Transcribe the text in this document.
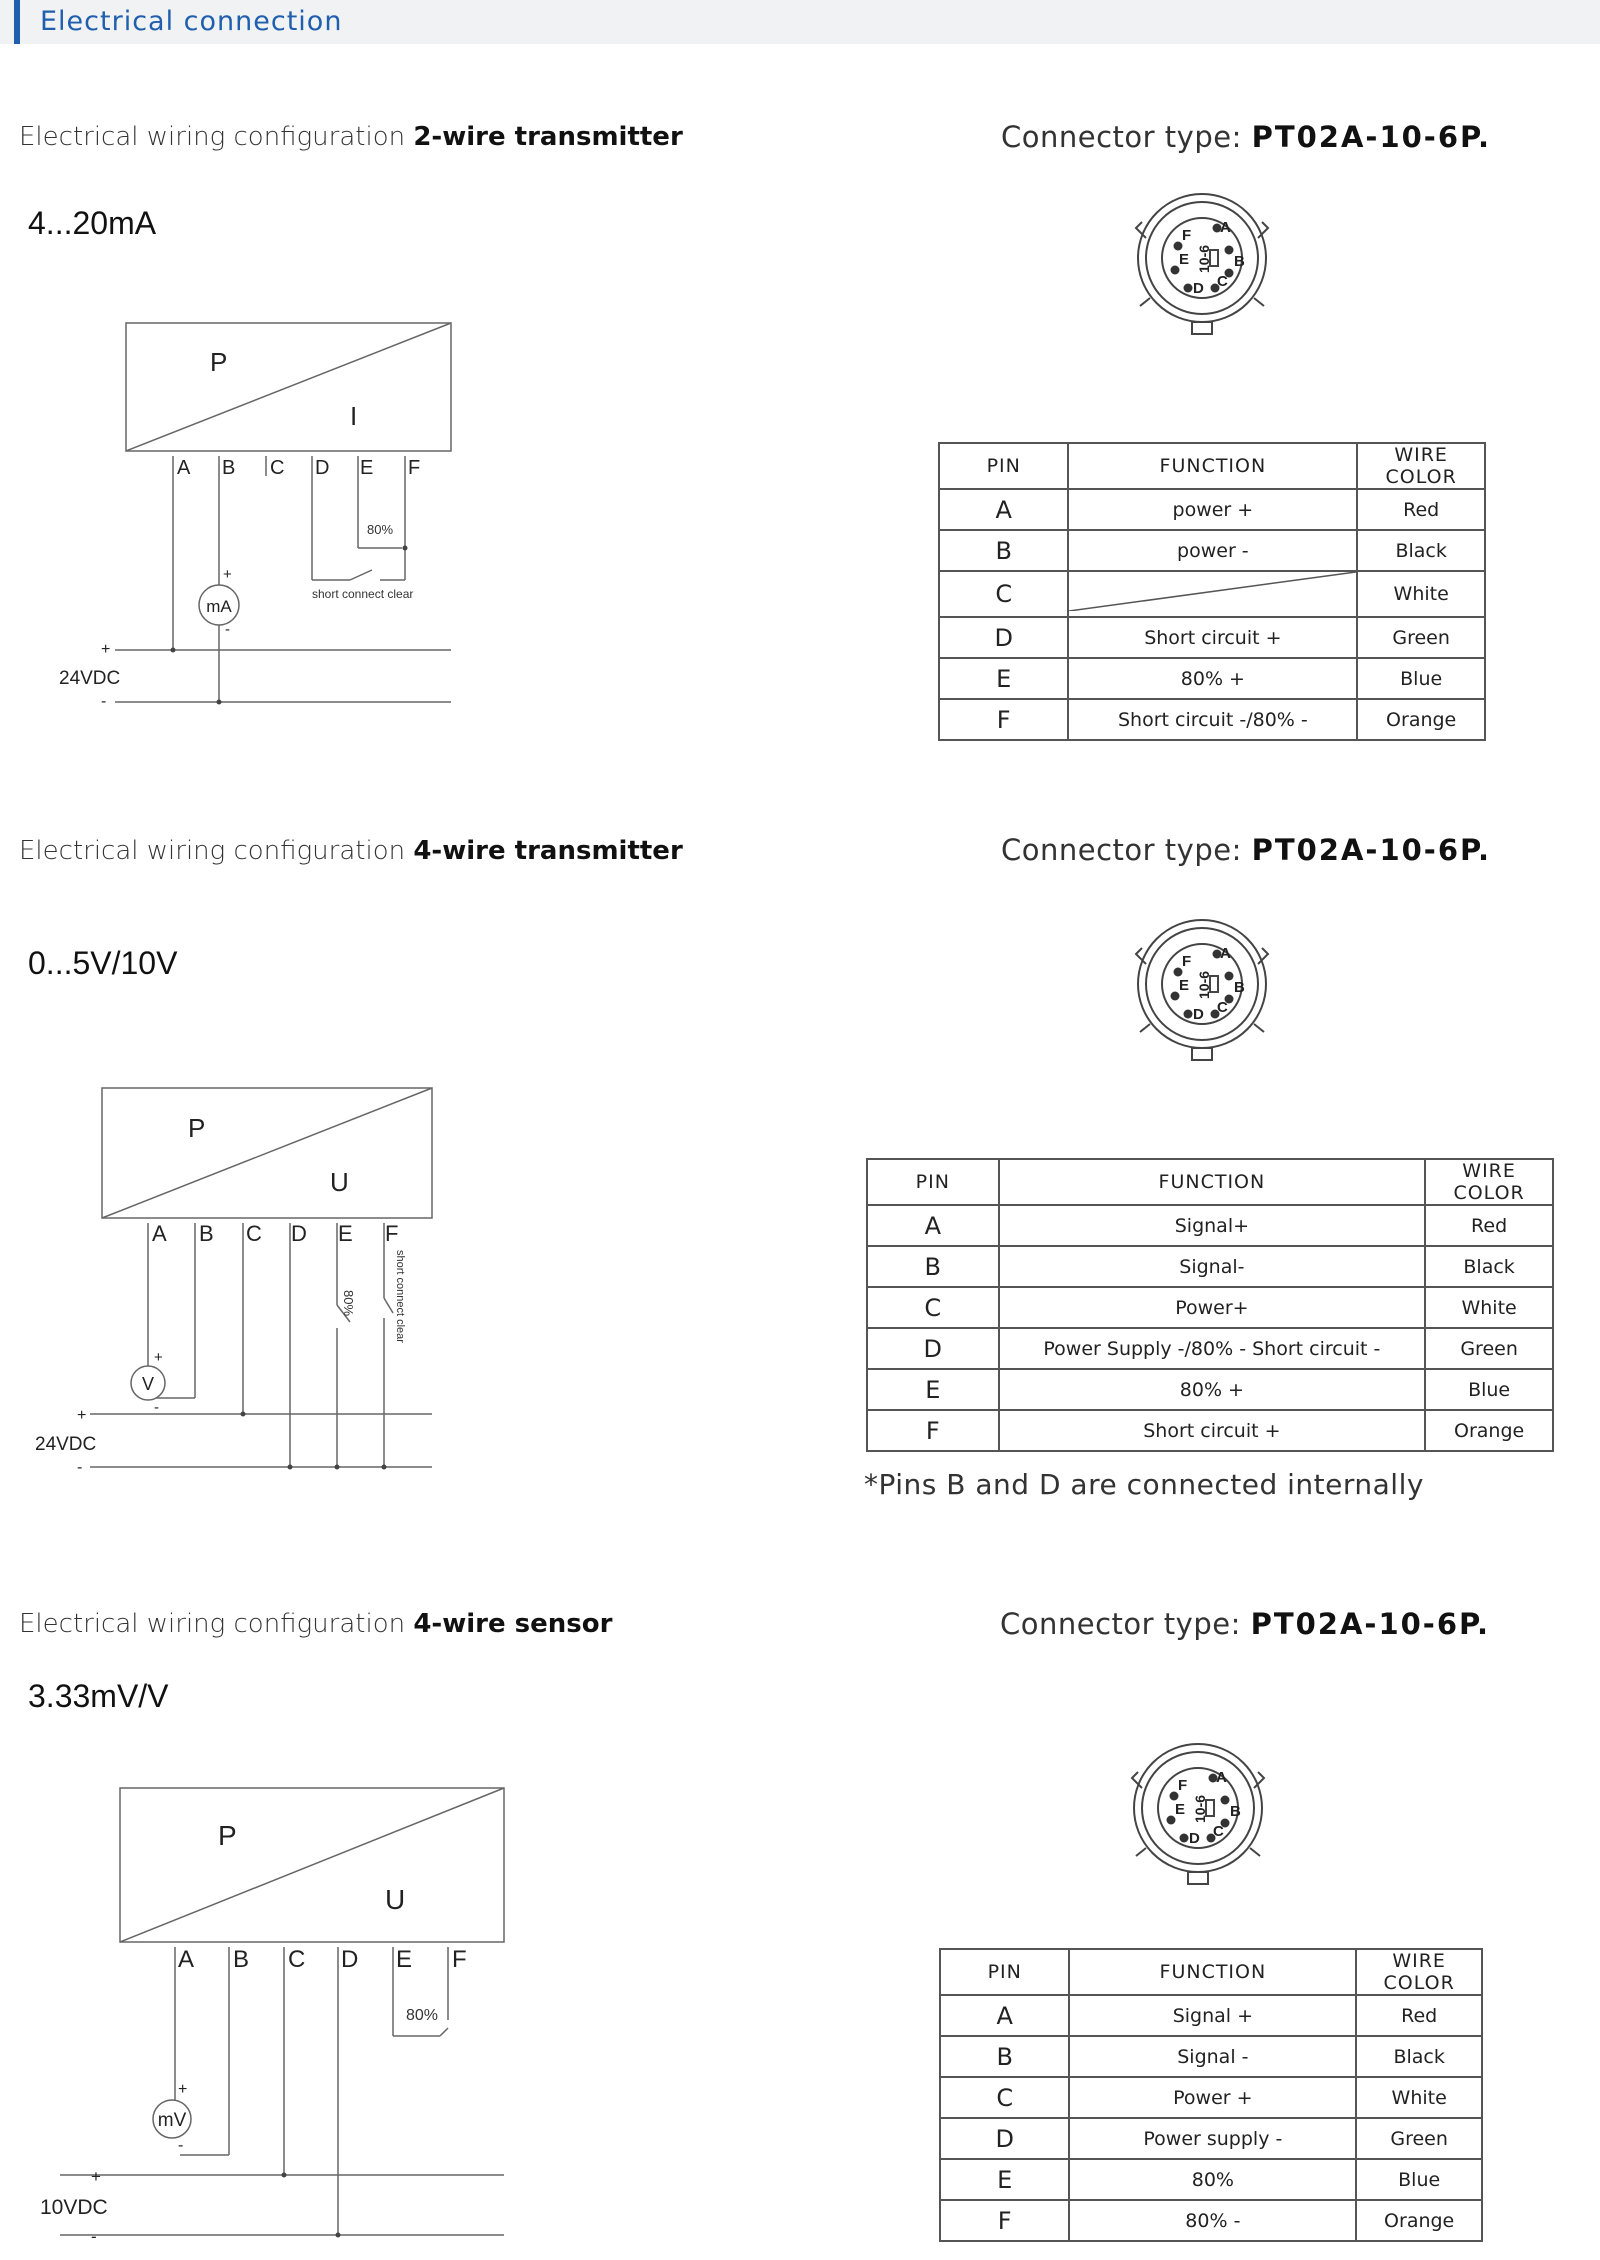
Electrical connection
Electrical wiring configuration 2-wire transmitter	Connector type: PT02A-10-6P.
4...20mA
P
I
A B C D E F
80%
short connect clear
mA
+
-
+
24VDC
-
A
B
C
D
E
F
10-6
PIN	FUNCTION	WIRE COLOR
A	power +	Red
B	power -	Black
C		White
D	Short circuit +	Green
E	80% +	Blue
F	Short circuit -/80% -	Orange
Electrical wiring configuration 4-wire transmitter	Connector type: PT02A-10-6P.
0...5V/10V
P
U
A B C D E F
80%	short connect clear
V
+
-
+
24VDC
-
A
B
C
D
E
F
10-6
PIN	FUNCTION	WIRE COLOR
A	Signal+	Red
B	Signal-	Black
C	Power+	White
D	Power Supply -/80% - Short circuit -	Green
E	80% +	Blue
F	Short circuit +	Orange
*Pins B and D are connected internally
Electrical wiring configuration 4-wire sensor	Connector type: PT02A-10-6P.
3.33mV/V
P
U
A B C D E F
80%
mV
+
-
+
10VDC
-
A
B
C
D
E
F
10-6
PIN	FUNCTION	WIRE COLOR
A	Signal +	Red
B	Signal -	Black
C	Power +	White
D	Power supply -	Green
E	80%	Blue
F	80% -	Orange
